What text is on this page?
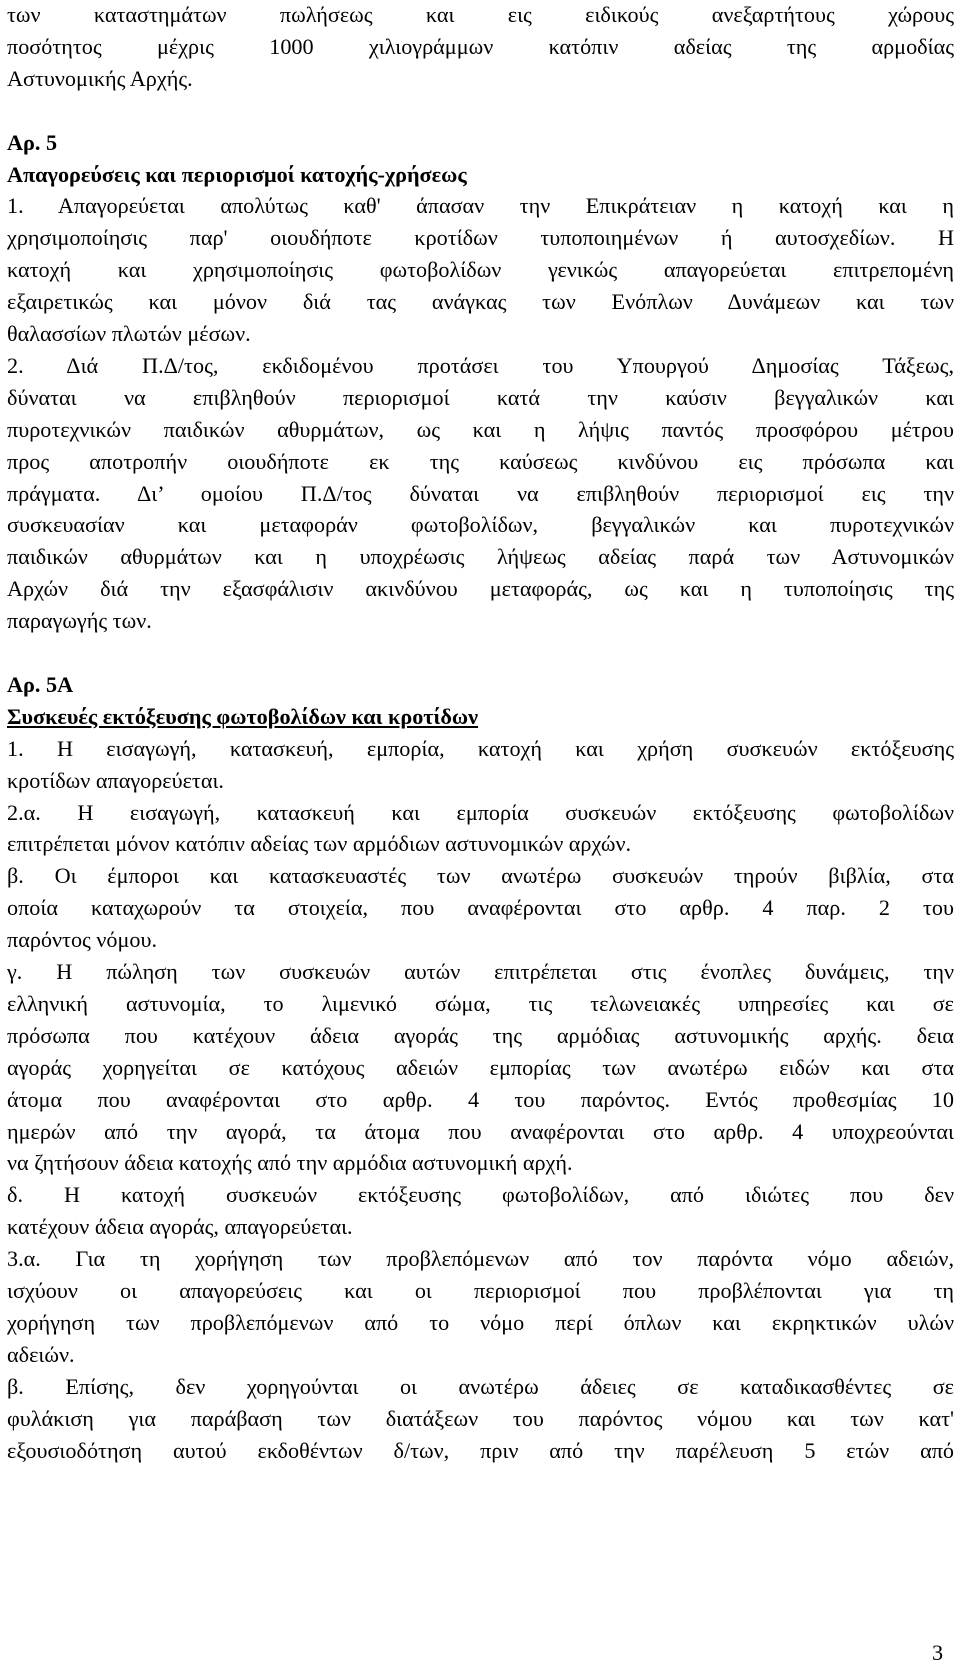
3
των καταστημάτων πωλήσεως και εις ειδικούς ανεξαρτήτους χώρους
ποσότητος μέχρις 1000 χιλιογράμμων κατόπιν αδείας της αρμοδίας
Αστυνομικής Αρχής.
Αρ. 5
Απαγορεύσεις και περιορισμοί κατοχής-χρήσεως
1. Απαγορεύεται απολύτως καθ' άπασαν την Επικράτειαν η κατοχή και η
χρησιμοποίησις παρ' οιουδήποτε κροτίδων τυποποιημένων ή αυτοσχεδίων. Η
κατοχή και χρησιμοποίησις φωτοβολίδων γενικώς απαγορεύεται επιτρεπομένη
εξαιρετικώς και μόνον διά τας ανάγκας των Ενόπλων Δυνάμεων και των
θαλασσίων πλωτών μέσων.
2. Διά Π.Δ/τος, εκδιδομένου προτάσει του Υπουργού Δημοσίας Τάξεως,
δύναται να επιβληθούν περιορισμοί κατά την καύσιν βεγγαλικών και
πυροτεχνικών παιδικών αθυρμάτων, ως και η λήψις παντός προσφόρου μέτρου
προς αποτροπήν οιουδήποτε εκ της καύσεως κινδύνου εις πρόσωπα και
πράγματα. Δι’ ομοίου Π.Δ/τος δύναται να επιβληθούν περιορισμοί εις την
συσκευασίαν και μεταφοράν φωτοβολίδων, βεγγαλικών και πυροτεχνικών
παιδικών αθυρμάτων και η υποχρέωσις λήψεως αδείας παρά των Αστυνομικών
Αρχών διά την εξασφάλισιν ακινδύνου μεταφοράς, ως και η τυποποίησις της
παραγωγής των.
Αρ. 5Α
Συσκευές εκτόξευσης φωτοβολίδων και κροτίδων
1. Η εισαγωγή, κατασκευή, εμπορία, κατοχή και χρήση συσκευών εκτόξευσης
κροτίδων απαγορεύεται.
2.α. Η εισαγωγή, κατασκευή και εμπορία συσκευών εκτόξευσης φωτοβολίδων
επιτρέπεται μόνον κατόπιν αδείας των αρμόδιων αστυνομικών αρχών.
β. Οι έμποροι και κατασκευαστές των ανωτέρω συσκευών τηρούν βιβλία, στα
οποία καταχωρούν τα στοιχεία, που αναφέρονται στο αρθρ. 4 παρ. 2 του
παρόντος νόμου.
γ. Η πώληση των συσκευών αυτών επιτρέπεται στις ένοπλες δυνάμεις, την
ελληνική αστυνομία, το λιμενικό σώμα, τις τελωνειακές υπηρεσίες και σε
πρόσωπα που κατέχουν άδεια αγοράς της αρμόδιας αστυνομικής αρχής. δεια
αγοράς χορηγείται σε κατόχους αδειών εμπορίας των ανωτέρω ειδών και στα
άτομα που αναφέρονται στο αρθρ. 4 του παρόντος. Εντός προθεσμίας 10
ημερών από την αγορά, τα άτομα που αναφέρονται στο αρθρ. 4 υποχρεούνται
να ζητήσουν άδεια κατοχής από την αρμόδια αστυνομική αρχή.
δ. Η κατοχή συσκευών εκτόξευσης φωτοβολίδων, από ιδιώτες που δεν
κατέχουν άδεια αγοράς, απαγορεύεται.
3.α. Για τη χορήγηση των προβλεπόμενων από τον παρόντα νόμο αδειών,
ισχύουν οι απαγορεύσεις και οι περιορισμοί που προβλέπονται για τη
χορήγηση των προβλεπόμενων από το νόμο περί όπλων και εκρηκτικών υλών
αδειών.
β. Επίσης, δεν χορηγούνται οι ανωτέρω άδειες σε καταδικασθέντες σε
φυλάκιση για παράβαση των διατάξεων του παρόντος νόμου και των κατ'
εξουσιοδότηση αυτού εκδοθέντων δ/των, πριν από την παρέλευση 5 ετών από
